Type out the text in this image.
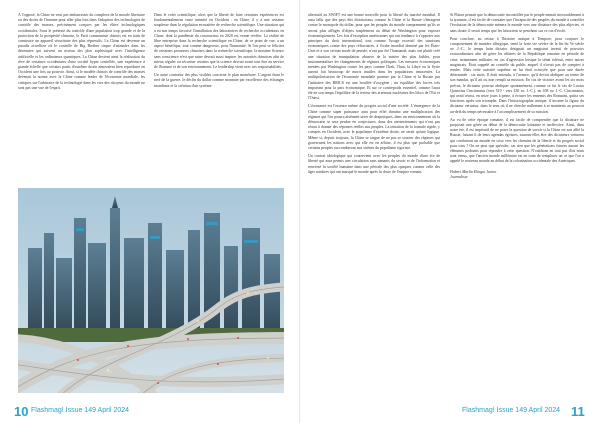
À l'opposé, la Chine ne veut pas embarrasser du complexe de la morale libertaire ou des droits de l'homme pour aller plus loin dans l'adoption des technologies de contrôle des masses, précisément conçues par les élites technologiques occidentales. Sous le prétexte du contrôle d'une population trop grande et de la protection de la prospérité chinoise, le Parti communiste chinois est en train de construire un appareil sécuritaire des plus répressifs. La Chine est devenue un paradis orwellien où le contrôle de Big Brother risque d'atteindre dans les décennies qui suivent un niveau des plus sophistiqué avec l'intelligence artificielle et les ordinateurs quantiques. La Chine devient ainsi la réalisation du rêve de certaines occidentaux d'une société hyper contrôlée, une expérience à grande échelle que certains partis d'extrême droite aimeraient bien reproduire en Occident une fois au pouvoir. Ainsi, si le modèle chinois de contrôle des masses devenait la norme avec la Chine comme leader de l'économie mondiale, les critiques sur l'arbitraire de la technologie dans les vies des citoyens du monde ne sont pas une vue de l'esprit.

Dans le volet scientifique, alors que la liberté de faire certaines expériences est fondamentalement vaste intimité en Occident : en Chine, il y a une certaine souplesse dans la régulation en matière de recherche scientifique. Une situation qui a eu son temps favorisé l'installation des laboratoires de recherche occidentaux en Chine, dont la pandémie du coronavirus en 2020 est venue révéler. La réalité de libre entreprise dans la recherche scientifique en Chine, de ce point de vue, a un aspect bénéfique, tout comme dangereux, pour l'humanité. Si l'on peut se féliciter de certaines prouesses chinoises dans la recherche scientifique, la maxime Science sans conscience n'est que ruine devrait aussi inspirer les autorités chinoises afin de mieux réguler ou sécuriser certains que la science devrait avant tout être au service de l'homme et de son environnement. Le leadership vient avec ses responsabilités.

Un autre contraste des plus visibles concerne le plan monétaire. L'argent étant le nerf de la guerre, le déclin du dollar comme monnaie par excellence des échanges mondiaux et la création d'un système

10 Flashmag! Issue 149 April 2024

alternatif au SWIFT est une bonne nouvelle pour la liberté du marché mondial. Il aura fallu que des pays dits dictatoriaux comme la Chine et la Russie s'émargent contre le monopole du dollar, pour que les peuples du monde comprennent qu'ils se seront plus affligés d'objets souplement au débat de Washington pour exposer économiquement. Les lois d'exception américaines qui ont tendance à s'opposer aux principes du droit international, tout comme l'usage excessif des sanctions économiques contre des pays réfractaires, à l'ordre mondial dominé par les États-Unis et a son certain mode de pensée, n'ont pas été l'humanité, mais ont plutôt créé une situation de manipulation abusive de la misère des plus faibles, pour instrumentaliser les changements de régimes politiques. Les mesures économiques menées par Washington contre les pays comme l'Irak, l'Iran, la Libye ou la Syrie auront fait beaucoup de morts inutiles dans les populations innocentes. La multipolarisation de l'économie mondiale promue par la Chine et la Russie par l'initiative des BRICS est une bouffée d'oxygène ; un équilibre des forces très important pour la paix économique. Et sur ce contrepoids essentiel, comme l'aura été en son temps l'équilibre de la terreur des arsenaux nucléaires des blocs de l'Est et l'Ouest.

L'économie est l'essence même du progrès social d'une société. L'émergence de la Chine comme super puissance aura pour effet domino une multiplication des régimes qui l'on pourra aisément taxer de despotiques, dans un environnement où la démocratie se sera perdue en conjectures, dans des atermoiements qui n'ont pas réussi à donner des réponses réelles aux peuples. La tentation de la formule rigide, y compris en Occident, avec le populisme d'extrême droite, ne serait qu'une logique. Même si, depuis toujours, la Chine se targue de ne pas se soucier des régimes qui gouvernent les nations avec qui elle est en affaire, il est plus que probable que certains peuples succomberont aux sirènes du populisme rigoriste.

Un contrat idéologique qui contrevient avec les peuples du monde d'une ère de liberté qui aura permis une circulation sans aimants du savoir et de l'information et renversé la société humaine dans une période des plus opaques comme celle des âges sombres qui ont marqué le monde après la chute de l'empire romain.

Si Platon pensait que la démocratie incontrôlée par le peuple menait inexorablement à la tyrannie, il est facile de constater que l'incapacité des peuples du monde à contrôler l'évolution de la démocratie mènera le monde vers une dictature des plus abjectes, et sans doute, il serait temps que les historiens se penchent sur ce cas d'école.

Pour conclure, au retour à l'histoire antique à Tempore, pour conjurer le comportement de manière allergique, tenté la forte vie sévère de la fin du Ve siècle av. J.-C., le temps latin dictator désignait un magistrat investi de pouvoirs extraordinaires afin de gérer les affaires de la République romaine en période de crise, notamment militaire, en cas d'agression lorsque la sénat tolérait, entre autres magistrats. Était rappelé au contrôle du public auquel il n'avait pas de comptes à rendre. Mais cette autorité suprême ne lui était octroyée que pour une durée déterminée : six mois. Il était entendu, à l'avance, qu'il devait abdiquer au terme de son mandat, qu'il ait ou non rempli sa mission. En cas de victoire avant les six mois prévus, le dictateur pouvait abdiquer spontanément, comme ce fut le cas de Lucius Quinctius Cincinnatus (vers 519 - vers 430 av. J.-C.), en 458 av. J.-C. Cincinnatus, qui avait réussi, en seize jours à peine, à écraser les ennemis des Romains, quitta ses fonctions après son triomphe. Dans l'historiographie antique, il incarne la figure du dictateur vertueux, dans le sens où il ne cherche nullement à se maintenir au pouvoir au-delà du temps nécessaire à l'accomplissement de sa mission.

Au vu de cette époque romaine, il est facile de comprendre que la dictature ne proposait une gérée au début de la démocratie lointaine et ineffective. Ainsi, dans notre ère, il est impératif de ne poser la question de savoir si la Chine est son allié la Russie, faisant fi de leurs agendas égoïstes, sauront-elles être des dictateurs vertueux qui conduiront un monde en crise vers les chemins de la liberté et du progrès social pour tous ? On ne peut que spéculer, car rien que les générations futures auront les éléments probants pour répondre à cette question. N'oublions en tout pas d'où nous sont venus, que l'ancien monde millénaire est en train de remplacer un ce que l'on a appelé le nouveau monde au début de la colonisation occidentale des Amériques.

Hubert Marlin Elingui Junior

Journaliste

Flashmag! Issue 149 April 2024 11
